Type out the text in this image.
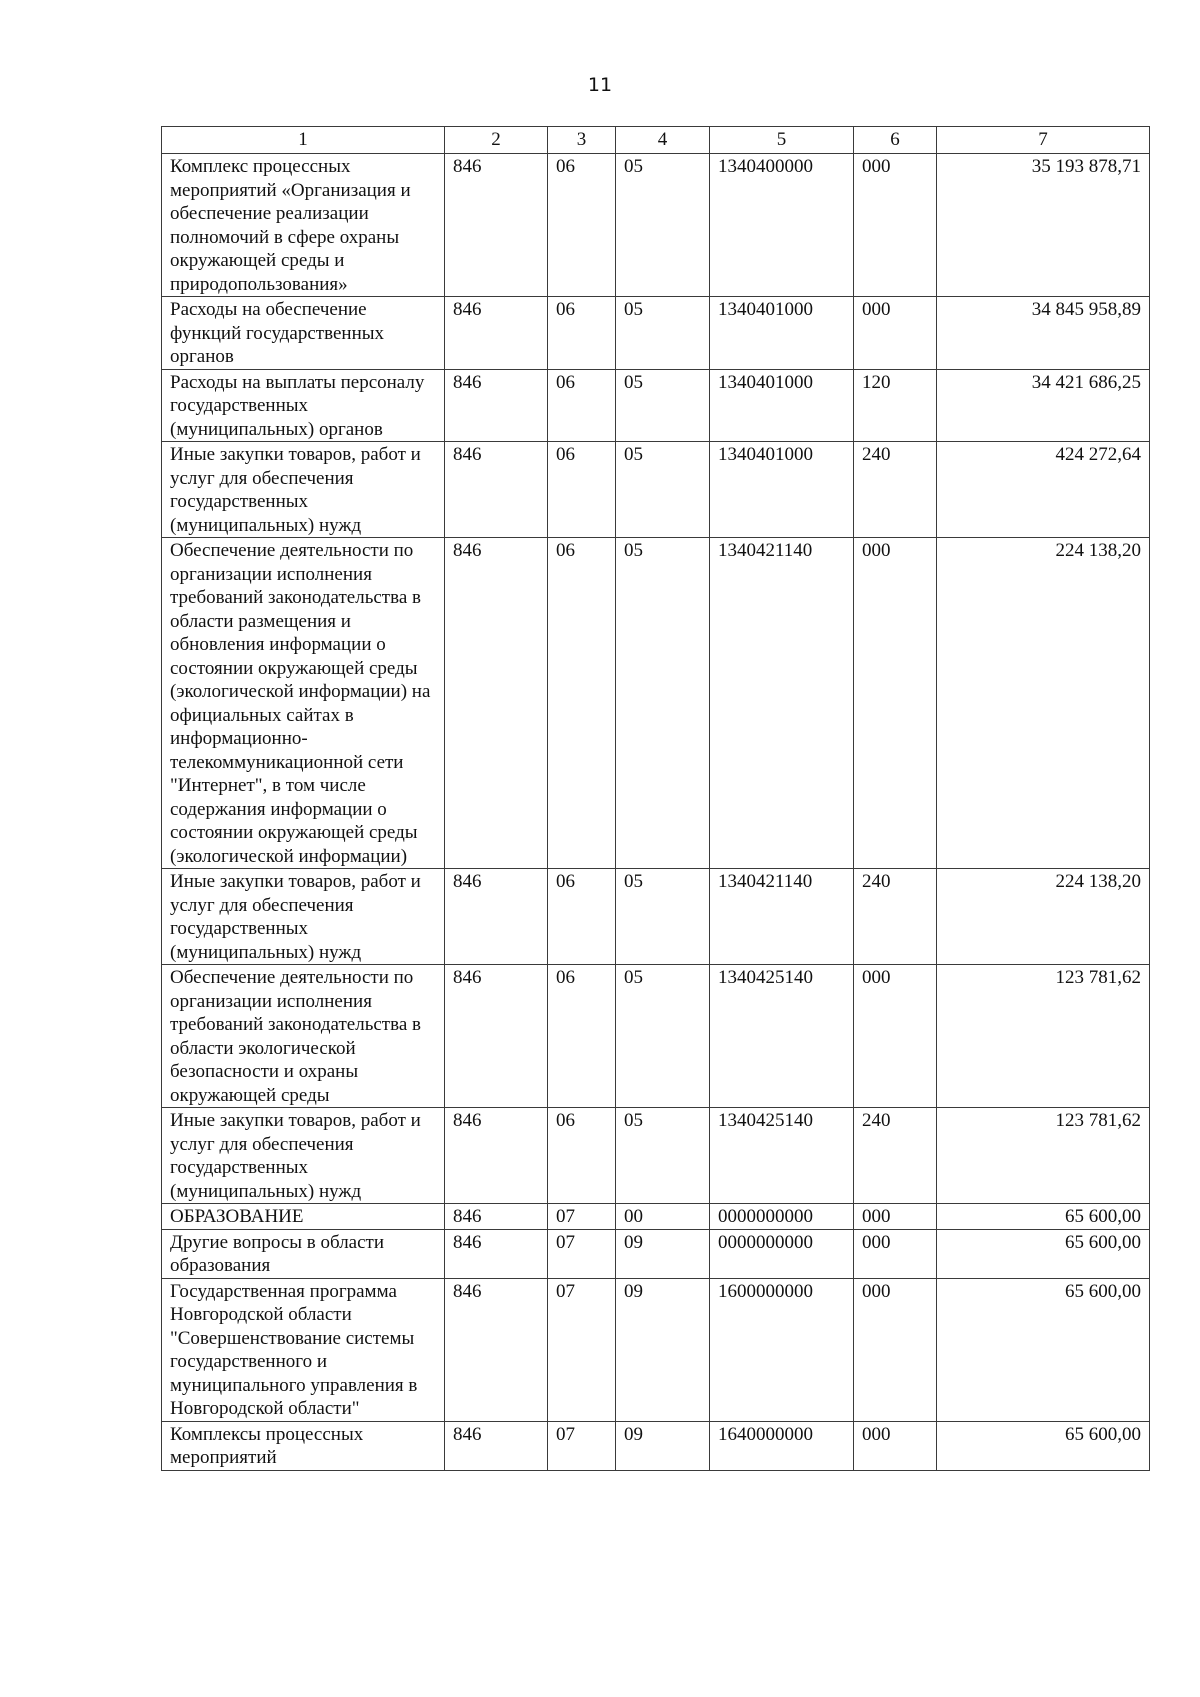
11
1	2	3	4	5	6	7
Комплекс процессных мероприятий «Организация и обеспечение реализации полномочий в сфере охраны окружающей среды и природопользования»	846	06	05	1340400000	000	35 193 878,71
Расходы на обеспечение функций государственных органов	846	06	05	1340401000	000	34 845 958,89
Расходы на выплаты персоналу государственных (муниципальных) органов	846	06	05	1340401000	120	34 421 686,25
Иные закупки товаров, работ и услуг для обеспечения государственных (муниципальных) нужд	846	06	05	1340401000	240	424 272,64
Обеспечение деятельности по организации исполнения требований законодательства в области размещения и обновления информации о состоянии окружающей среды (экологической информации) на официальных сайтах в информационно-телекоммуникационной сети "Интернет", в том числе содержания информации о состоянии окружающей среды (экологической информации)	846	06	05	1340421140	000	224 138,20
Иные закупки товаров, работ и услуг для обеспечения государственных (муниципальных) нужд	846	06	05	1340421140	240	224 138,20
Обеспечение деятельности по организации исполнения требований законодательства в области экологической безопасности и охраны окружающей среды	846	06	05	1340425140	000	123 781,62
Иные закупки товаров, работ и услуг для обеспечения государственных (муниципальных) нужд	846	06	05	1340425140	240	123 781,62
ОБРАЗОВАНИЕ	846	07	00	0000000000	000	65 600,00
Другие вопросы в области образования	846	07	09	0000000000	000	65 600,00
Государственная программа Новгородской области "Совершенствование системы государственного и муниципального управления в Новгородской области"	846	07	09	1600000000	000	65 600,00
Комплексы процессных мероприятий	846	07	09	1640000000	000	65 600,00
